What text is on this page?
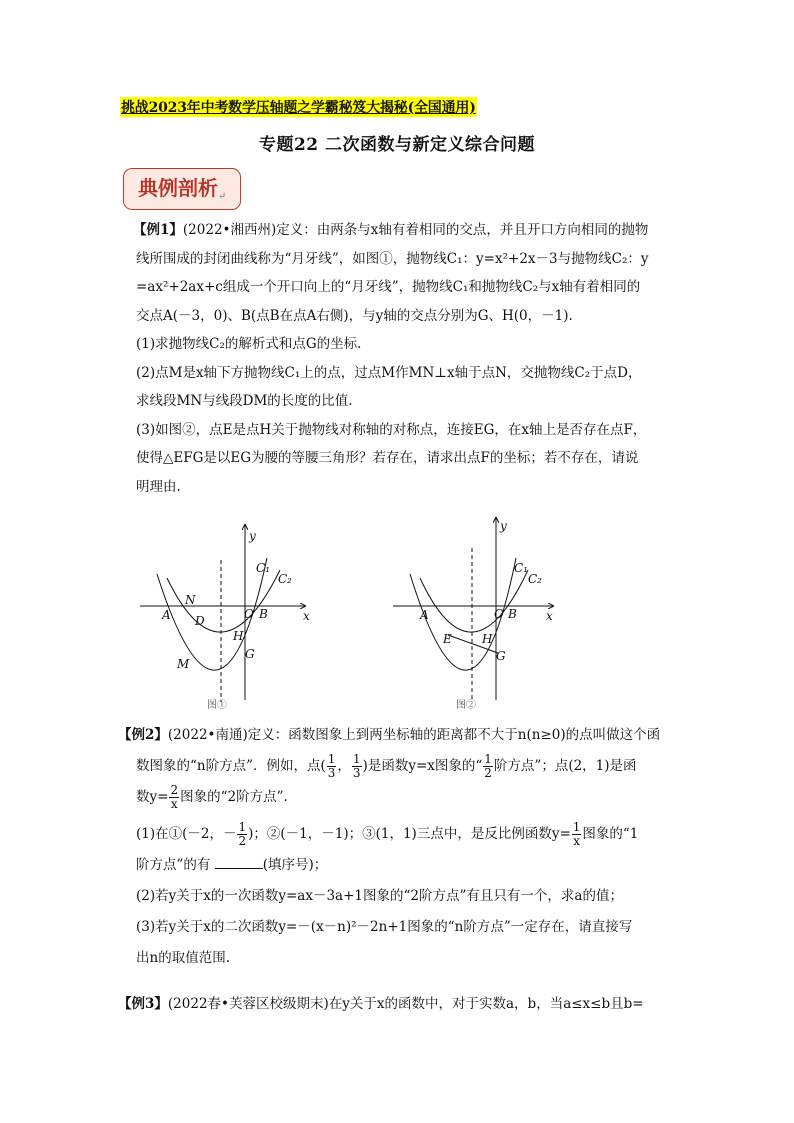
挑战2023年中考数学压轴题之学霸秘笈大揭秘(全国通用)
专题22 二次函数与新定义综合问题
典例剖析$_↵$
【例1】(2022•湘西州)定义：由两条与x轴有着相同的交点，并且开口方向相同的抛物
线所围成的封闭曲线称为“月牙线”，如图①，抛物线C₁：y=x²+2x－3与抛物线C₂：y
=ax²+2ax+c组成一个开口向上的“月牙线”，抛物线C₁和抛物线C₂与x轴有着相同的
交点A(－3，0)、B(点B在点A右侧)，与y轴的交点分别为G、H(0，－1).
(1)求抛物线C₂的解析式和点G的坐标.
(2)点M是x轴下方抛物线C₁上的点，过点M作MN⊥x轴于点N，交抛物线C₂于点D，
求线段MN与线段DM的长度的比值.
(3)如图②，点E是点H关于抛物线对称轴的对称点，连接EG，在x轴上是否存在点F，
使得△EFG是以EG为腰的等腰三角形？若存在，请求出点F的坐标；若不存在，请说
明理由.
y
x
C₁
C₂
N
A D	O B
H
G
M
图①
y
x
C₁
C₂
A	O B
E	H
G
图②
【例2】(2022•南通)定义：函数图象上到两坐标轴的距离都不大于n(n≥0)的点叫做这个函
数图象的“n阶方点”．例如，点( $\frac{1}{3}$ ， $\frac{1}{3}$ )是函数y=x图象的“ $\frac{1}{2}$ 阶方点”；点(2，1)是函
数$y= \frac{2}{x}$ 图象的“2阶方点”.
(1)在①(－2，－ $\frac{1}{2}$ )；②(－1，－1)；③(1，1)三点中，是反比例函数$y= \frac{1}{x}$ 图象的“1
阶方点”的有	(填序号)；
(2)若y关于x的一次函数y=ax－3a+1图象的“2阶方点”有且只有一个，求a的值；
(3)若y关于x的二次函数y=－(x－n)²－2n+1图象的“n阶方点”一定存在，请直接写
出n的取值范围.
【例3】(2022春•芙蓉区校级期末)在y关于x的函数中，对于实数a，b，当a≤x≤b且b=
